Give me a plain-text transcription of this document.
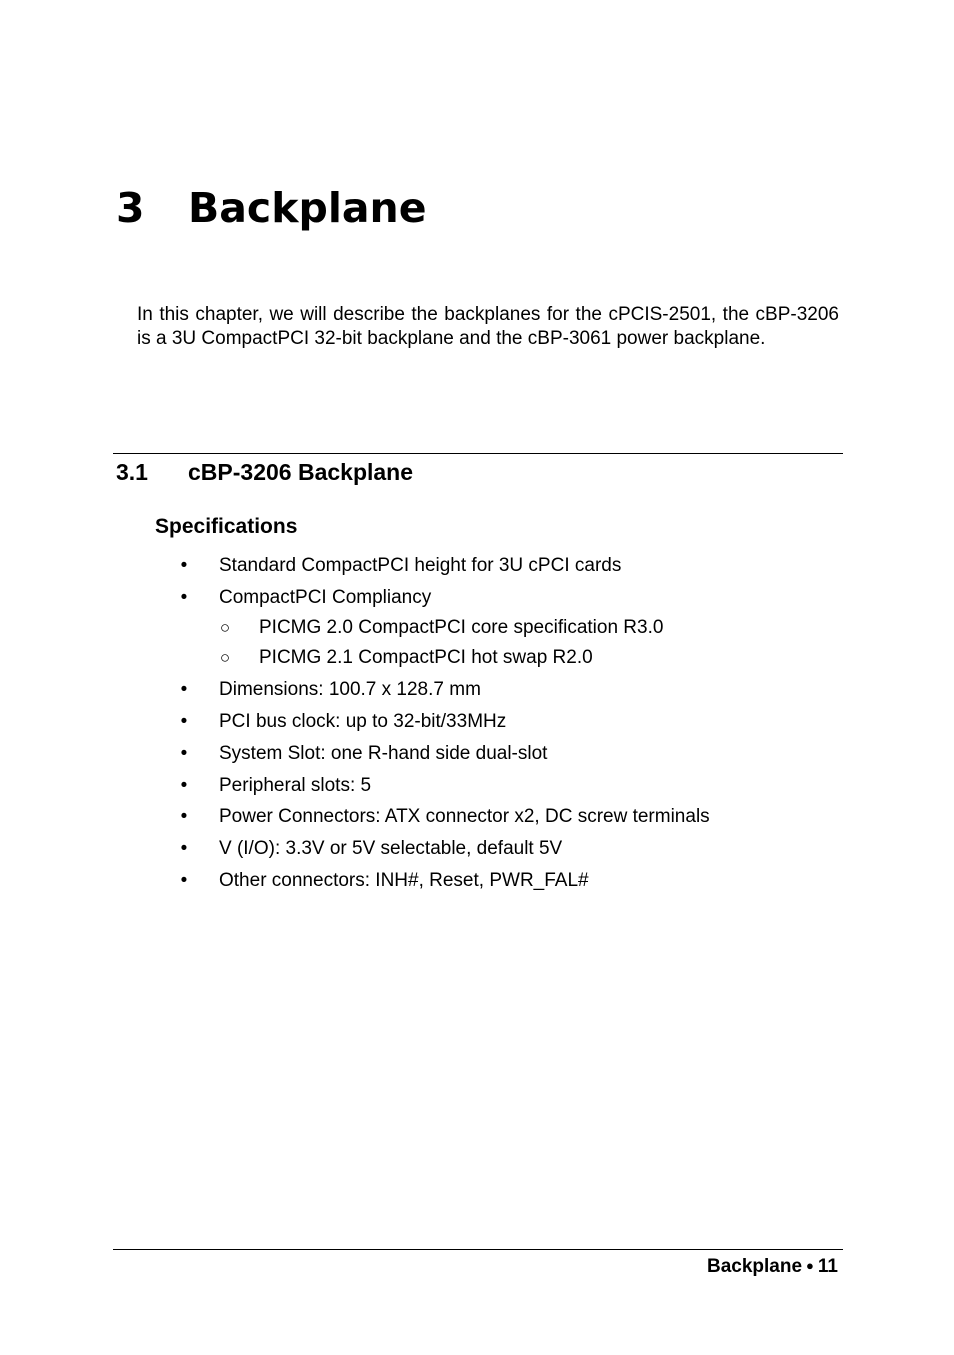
3 Backplane

In this chapter, we will describe the backplanes for the cPCIS-2501, the cBP-3206 is a 3U CompactPCI 32-bit backplane and the cBP-3061 power backplane.

3.1 cBP-3206 Backplane
Specifications
• Standard CompactPCI height for 3U cPCI cards
• CompactPCI Compliancy
○ PICMG 2.0 CompactPCI core specification R3.0
○ PICMG 2.1 CompactPCI hot swap R2.0
• Dimensions: 100.7 x 128.7 mm
• PCI bus clock: up to 32-bit/33MHz
• System Slot: one R-hand side dual-slot
• Peripheral slots: 5
• Power Connectors: ATX connector x2, DC screw terminals
• V (I/O): 3.3V or 5V selectable, default 5V
• Other connectors: INH#, Reset, PWR_FAL#
Backplane ● 11
